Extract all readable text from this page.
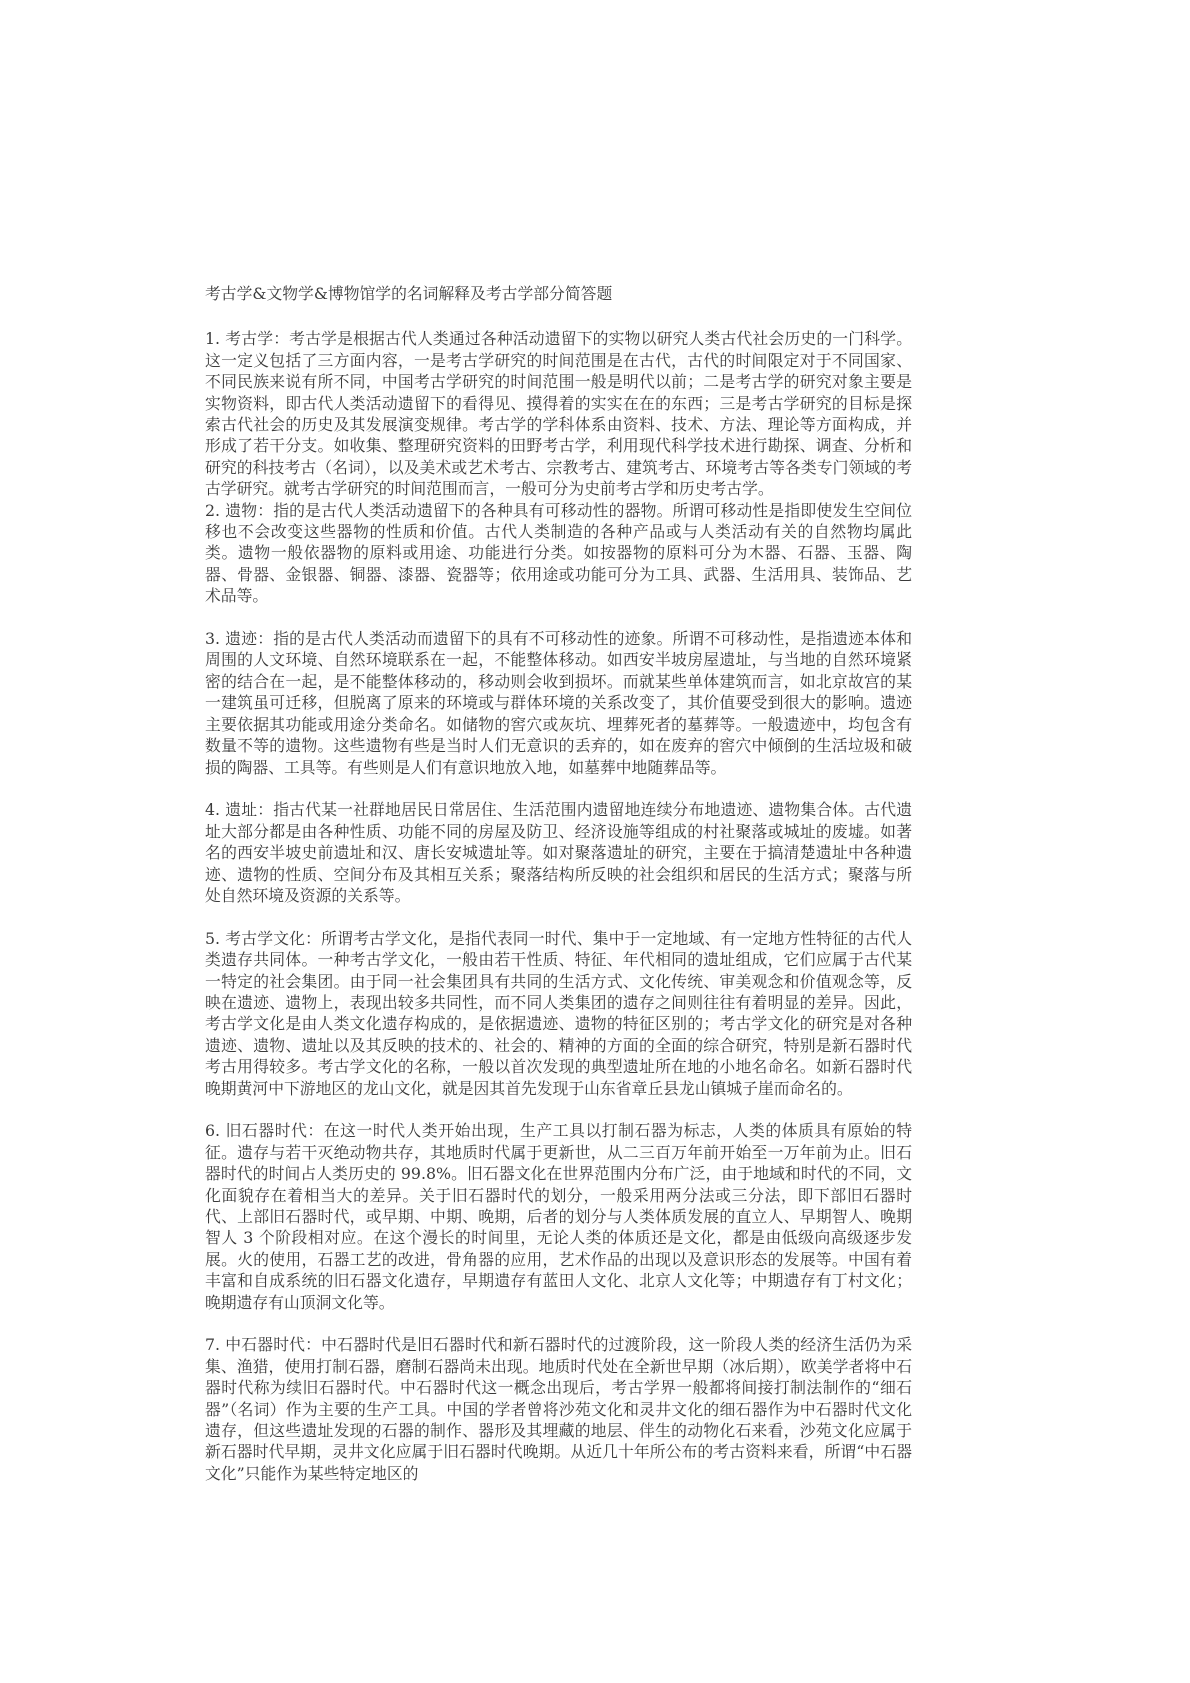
考古学&文物学&博物馆学的名词解释及考古学部分简答题

1. 考古学：考古学是根据古代人类通过各种活动遗留下的实物以研究人类古代社会历史的一门科学。这一定义包括了三方面内容，一是考古学研究的时间范围是在古代，古代的时间限定对于不同国家、不同民族来说有所不同，中国考古学研究的时间范围一般是明代以前；二是考古学的研究对象主要是实物资料，即古代人类活动遗留下的看得见、摸得着的实实在在的东西；三是考古学研究的目标是探索古代社会的历史及其发展演变规律。考古学的学科体系由资料、技术、方法、理论等方面构成，并形成了若干分支。如收集、整理研究资料的田野考古学，利用现代科学技术进行勘探、调查、分析和研究的科技考古（名词），以及美术或艺术考古、宗教考古、建筑考古、环境考古等各类专门领域的考古学研究。就考古学研究的时间范围而言，一般可分为史前考古学和历史考古学。

2. 遗物：指的是古代人类活动遗留下的各种具有可移动性的器物。所谓可移动性是指即使发生空间位移也不会改变这些器物的性质和价值。古代人类制造的各种产品或与人类活动有关的自然物均属此类。遗物一般依器物的原料或用途、功能进行分类。如按器物的原料可分为木器、石器、玉器、陶器、骨器、金银器、铜器、漆器、瓷器等；依用途或功能可分为工具、武器、生活用具、装饰品、艺术品等。

3. 遗迹：指的是古代人类活动而遗留下的具有不可移动性的迹象。所谓不可移动性，是指遗迹本体和周围的人文环境、自然环境联系在一起，不能整体移动。如西安半坡房屋遗址，与当地的自然环境紧密的结合在一起，是不能整体移动的，移动则会收到损坏。而就某些单体建筑而言，如北京故宫的某一建筑虽可迁移，但脱离了原来的环境或与群体环境的关系改变了，其价值要受到很大的影响。遗迹主要依据其功能或用途分类命名。如储物的窖穴或灰坑、埋葬死者的墓葬等。一般遗迹中，均包含有数量不等的遗物。这些遗物有些是当时人们无意识的丢弃的，如在废弃的窖穴中倾倒的生活垃圾和破损的陶器、工具等。有些则是人们有意识地放入地，如墓葬中地随葬品等。

4. 遗址：指古代某一社群地居民日常居住、生活范围内遗留地连续分布地遗迹、遗物集合体。古代遗址大部分都是由各种性质、功能不同的房屋及防卫、经济设施等组成的村社聚落或城址的废墟。如著名的西安半坡史前遗址和汉、唐长安城遗址等。如对聚落遗址的研究，主要在于搞清楚遗址中各种遗迹、遗物的性质、空间分布及其相互关系；聚落结构所反映的社会组织和居民的生活方式；聚落与所处自然环境及资源的关系等。

5. 考古学文化：所谓考古学文化，是指代表同一时代、集中于一定地域、有一定地方性特征的古代人类遗存共同体。一种考古学文化，一般由若干性质、特征、年代相同的遗址组成，它们应属于古代某一特定的社会集团。由于同一社会集团具有共同的生活方式、文化传统、审美观念和价值观念等，反映在遗迹、遗物上，表现出较多共同性，而不同人类集团的遗存之间则往往有着明显的差异。因此，考古学文化是由人类文化遗存构成的，是依据遗迹、遗物的特征区别的；考古学文化的研究是对各种遗迹、遗物、遗址以及其反映的技术的、社会的、精神的方面的全面的综合研究，特别是新石器时代考古用得较多。考古学文化的名称，一般以首次发现的典型遗址所在地的小地名命名。如新石器时代晚期黄河中下游地区的龙山文化，就是因其首先发现于山东省章丘县龙山镇城子崖而命名的。

6. 旧石器时代：在这一时代人类开始出现，生产工具以打制石器为标志，人类的体质具有原始的特征。遗存与若干灭绝动物共存，其地质时代属于更新世，从二三百万年前开始至一万年前为止。旧石器时代的时间占人类历史的 99.8%。旧石器文化在世界范围内分布广泛，由于地域和时代的不同，文化面貌存在着相当大的差异。关于旧石器时代的划分，一般采用两分法或三分法，即下部旧石器时代、上部旧石器时代，或早期、中期、晚期，后者的划分与人类体质发展的直立人、早期智人、晚期智人 3 个阶段相对应。在这个漫长的时间里，无论人类的体质还是文化，都是由低级向高级逐步发展。火的使用，石器工艺的改进，骨角器的应用，艺术作品的出现以及意识形态的发展等。中国有着丰富和自成系统的旧石器文化遗存，早期遗存有蓝田人文化、北京人文化等；中期遗存有丁村文化；晚期遗存有山顶洞文化等。

7. 中石器时代：中石器时代是旧石器时代和新石器时代的过渡阶段，这一阶段人类的经济生活仍为采集、渔猎，使用打制石器，磨制石器尚未出现。地质时代处在全新世早期（冰后期），欧美学者将中石器时代称为续旧石器时代。中石器时代这一概念出现后，考古学界一般都将间接打制法制作的“细石器”（名词）作为主要的生产工具。中国的学者曾将沙苑文化和灵井文化的细石器作为中石器时代文化遗存，但这些遗址发现的石器的制作、器形及其埋藏的地层、伴生的动物化石来看，沙苑文化应属于新石器时代早期，灵井文化应属于旧石器时代晚期。从近几十年所公布的考古资料来看，所谓“中石器文化”只能作为某些特定地区的
